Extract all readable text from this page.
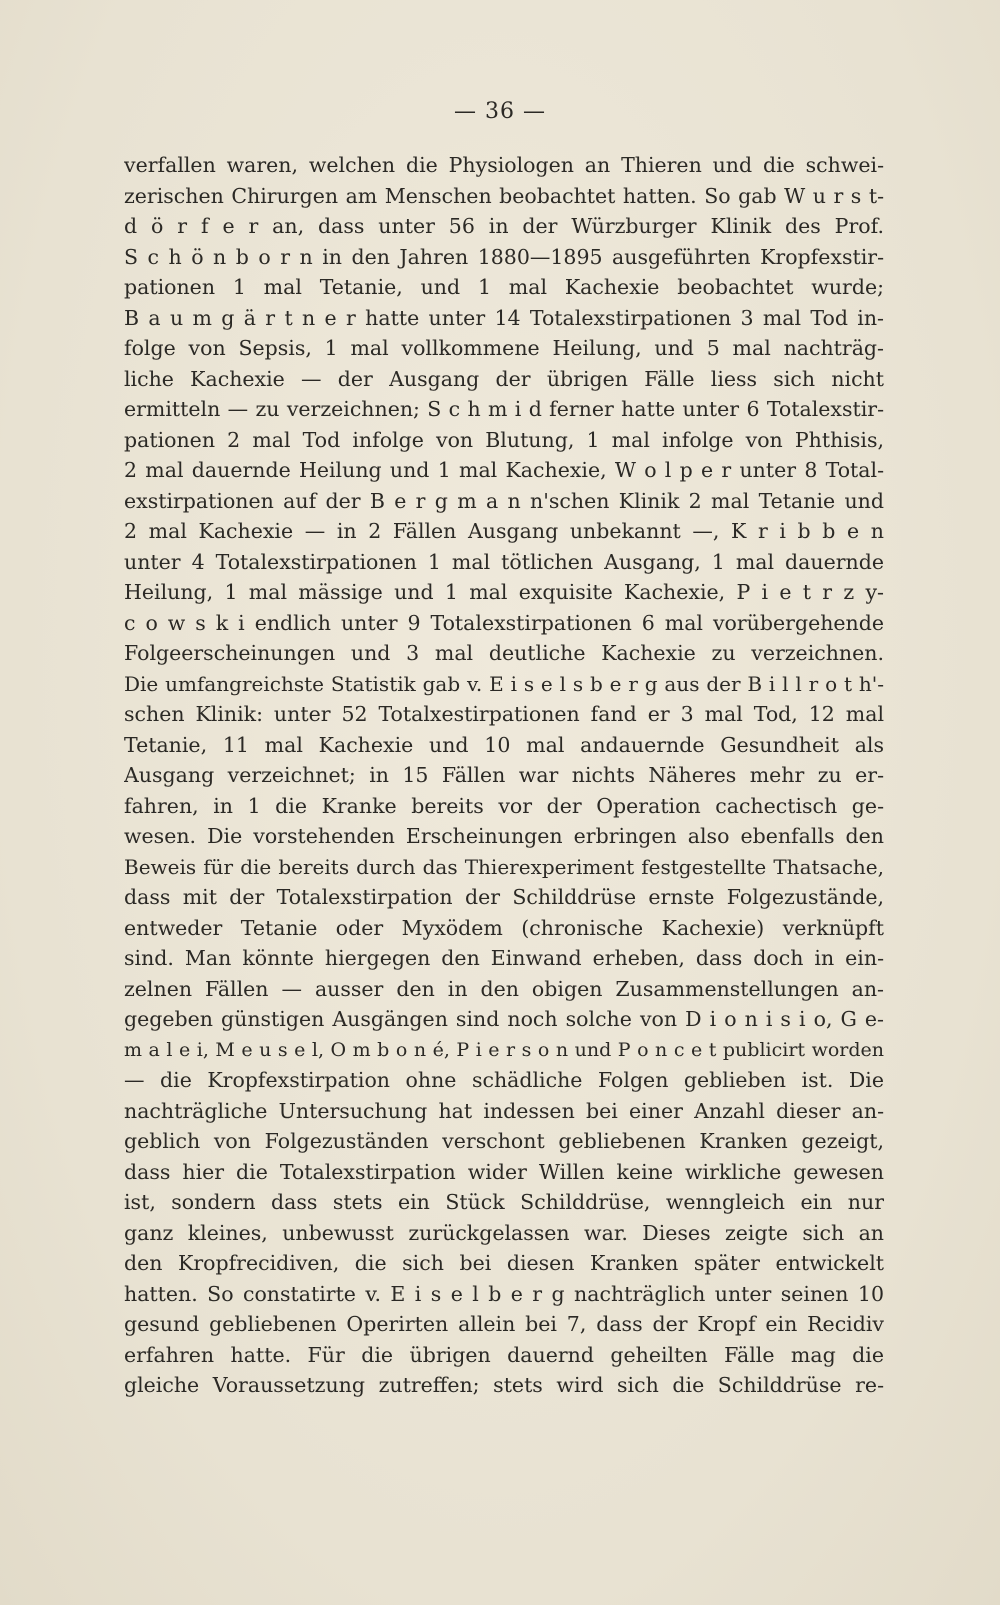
— 36 —
verfallen waren, welchen die Physiologen an Thieren und die schwei-
zerischen Chirurgen am Menschen beobachtet hatten. So gab W u r s t-
d ö r f e r an, dass unter 56 in der Würzburger Klinik des Prof.
S c h ö n b o r n in den Jahren 1880—1895 ausgeführten Kropfexstir-
pationen 1 mal Tetanie, und 1 mal Kachexie beobachtet wurde;
B a u m g ä r t n e r hatte unter 14 Totalexstirpationen 3 mal Tod in-
folge von Sepsis, 1 mal vollkommene Heilung, und 5 mal nachträg-
liche Kachexie — der Ausgang der übrigen Fälle liess sich nicht
ermitteln — zu verzeichnen; S c h m i d ferner hatte unter 6 Totalexstir-
pationen 2 mal Tod infolge von Blutung, 1 mal infolge von Phthisis,
2 mal dauernde Heilung und 1 mal Kachexie, W o l p e r unter 8 Total-
exstirpationen auf der B e r g m a n n'schen Klinik 2 mal Tetanie und
2 mal Kachexie — in 2 Fällen Ausgang unbekannt —, K r i b b e n
unter 4 Totalexstirpationen 1 mal tötlichen Ausgang, 1 mal dauernde
Heilung, 1 mal mässige und 1 mal exquisite Kachexie, P i e t r z y-
c o w s k i endlich unter 9 Totalexstirpationen 6 mal vorübergehende
Folgeerscheinungen und 3 mal deutliche Kachexie zu verzeichnen.
Die umfangreichste Statistik gab v. E i s e l s b e r g aus der B i l l r o t h'-
schen Klinik: unter 52 Totalxestirpationen fand er 3 mal Tod, 12 mal
Tetanie, 11 mal Kachexie und 10 mal andauernde Gesundheit als
Ausgang verzeichnet; in 15 Fällen war nichts Näheres mehr zu er-
fahren, in 1 die Kranke bereits vor der Operation cachectisch ge-
wesen. Die vorstehenden Erscheinungen erbringen also ebenfalls den
Beweis für die bereits durch das Thierexperiment festgestellte Thatsache,
dass mit der Totalexstirpation der Schilddrüse ernste Folgezustände,
entweder Tetanie oder Myxödem (chronische Kachexie) verknüpft
sind. Man könnte hiergegen den Einwand erheben, dass doch in ein-
zelnen Fällen — ausser den in den obigen Zusammenstellungen an-
gegeben günstigen Ausgängen sind noch solche von D i o n i s i o, G e-
m a l e i, M e u s e l, O m b o n é, P i e r s o n und P o n c e t publicirt worden
— die Kropfexstirpation ohne schädliche Folgen geblieben ist. Die
nachträgliche Untersuchung hat indessen bei einer Anzahl dieser an-
geblich von Folgezuständen verschont gebliebenen Kranken gezeigt,
dass hier die Totalexstirpation wider Willen keine wirkliche gewesen
ist, sondern dass stets ein Stück Schilddrüse, wenngleich ein nur
ganz kleines, unbewusst zurückgelassen war. Dieses zeigte sich an
den Kropfrecidiven, die sich bei diesen Kranken später entwickelt
hatten. So constatirte v. E i s e l b e r g nachträglich unter seinen 10
gesund gebliebenen Operirten allein bei 7, dass der Kropf ein Recidiv
erfahren hatte. Für die übrigen dauernd geheilten Fälle mag die
gleiche Voraussetzung zutreffen; stets wird sich die Schilddrüse re-
